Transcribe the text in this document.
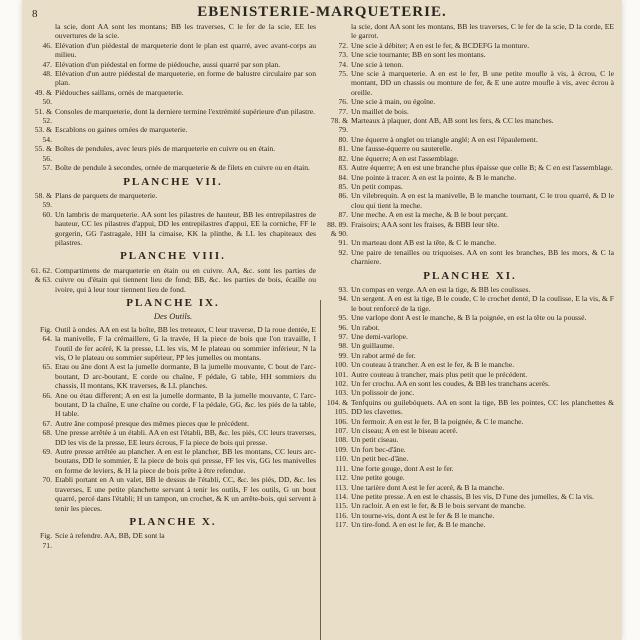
8	EBENISTERIE-MARQUETERIE.
la scie, dont AA sont les montans; BB les traverses, C le fer de la scie, EE les ouvertures de la scie.
46. Elévation d'un piédestal de marqueterie dont le plan est quarré, avec avant-corps au milieu.
47. Elévation d'un piédestal en forme de piédouche, aussi quarré par son plan.
48. Elévation d'un autre piédestal de marqueterie, en forme de balustre circulaire par son plan.
49. & 50.
Piédouches saillans, ornés de marqueterie.
51. & 52.
Consoles de marqueterie, dont la derniere termine l'extrémité supérieure d'un pilastre.
53. & 54.
Escablons ou gaines ornées de marqueterie.
55. & 56.
Boîtes de pendules, avec leurs piés de marqueterie en cuivre ou en étain.
57. Boîte de pendule à secondes, ornée de marqueterie & de filets en cuivre ou en étain.
PLANCHE VII.
58. & 59.
Plans de parquets de marqueterie.
60. Un lambris de marqueterie. AA sont les pilastres de hauteur, BB les entrepilastres de hauteur, CC les pilastres d'appui, DD les entrepilastres d'appui, EE la corniche, FF le gorgerin, GG l'astragale, HH la cimaise, KK la plinthe, & LL les chapiteaux des pilastres.
PLANCHE VIII.
61. 62. & 63.
Compartimens de marqueterie en étain ou en cuivre. AA, &c. sont les parties de cuivre ou d'étain qui tiennent lieu de fond; BB, &c. les parties de bois, écaille ou ivoire, qui à leur tour tiennent lieu de fond.
PLANCHE IX.
Des Outils.
Fig. 64.
Outil à ondes. AA en est la boîte, BB les treteaux, C leur traverse, D la roue dentée, E la manivelle, F la crémaillere, G la travée, H la piece de bois que l'on travaille, I l'outil de fer acéré, K la presse, LL les vis, M le plateau ou sommier inférieur, N la vis, O le plateau ou sommier supérieur, PP les jumelles ou montans.
65. Etau ou âne dont A est la jumelle dormante, B la jumelle mouvante, C bout de l'arc-boutant, D arc-boutant, E corde ou chaîne, F pédale, G table, HH sommiers du chassis, II montans, KK traverses, & LL planches.
66. Ane ou étau different; A en est la jumelle dormante, B la jumelle mouvante, C l'arc-boutant, D la chaîne, E une chaîne ou corde, F la pédale, GG, &c. les piés de la table, H table.
67. Autre âne composé presque des mêmes pieces que le précédent.
68. Une presse arrêtée à un établi. AA en est l'établi, BB, &c. les piés, CC leurs traverses, DD les vis de la presse, EE leurs écrous, F la piece de bois qui presse.
69. Autre presse arrêtée au plancher. A en est le plancher, BB les montans, CC leurs arc-boutans, DD le sommier, E la piece de bois qui presse, FF les vis, GG les manivelles en forme de leviers, & H la piece de bois prête à être refendue.
70. Etabli portant en A un valet, BB le dessus de l'établi, CC, &c. les piés, DD, &c. les traverses, E une petite planchette servant à tenir les outils, F les outils, G un bout quarré, percé dans l'établi; H un tampon, un crochet, & K un arrête-bois, qui servent à tenir les pieces.
PLANCHE X.
Fig. 71.
Scie à refendre. AA, BB, DE sont la
la scie, dont AA sont les montans, BB les traverses, C le fer de la scie, D la corde, EE le garrot.
72. Une scie à débiter; A en est le fer, & BCDEFG la monture.
73. Une scie tournante; BB en sont les montans.
74. Une scie à tenon.
75. Une scie à marqueterie. A en est le fer, B une petite moufle à vis, à écrou, C le montant, DD un chassis ou monture de fer, & E une autre moufle à vis, avec écrou à oreille.
76. Une scie à main, ou égoïne.
77. Un maillet de bois.
78. & 79.
Marteaux à plaquer, dont AB, AB sont les fers, & CC les manches.
80. Une équerre à onglet ou triangle anglé; A en est l'épaulement.
81. Une fausse-équerre ou sauterelle.
82. Une équerre; A en est l'assemblage.
83. Autre équerre; A en est une branche plus épaisse que celle B; & C en est l'assemblage.
84. Une pointe à tracer. A en est la pointe, & B le manche.
85. Un petit compas.
86. Un vilebrequin. A en est la manivelle, B le manche tournant, C le trou quarré, & D le clou qui tient la meche.
87. Une meche. A en est la meche, & B le bout perçant.
88. 89. & 90.
Fraisoirs; AAA sont les fraises, & BBB leur tête.
91. Un marteau dont AB est la tête, & C le manche.
92. Une paire de tenailles ou triquoises. AA en sont les branches, BB les mors, & C la charniere.
PLANCHE XI.
93. Un compas en verge. AA en est la tige, & BB les coulisses.
94. Un sergent. A en est la tige, B le coude, C le crochet denté, D la coulisse, E la vis, & F le bout renforcé de la tige.
95. Une varlope dont A est le manche, & B la poignée, en est la tête ou la poussé.
96. Un rabot.
97. Une demi-varlope.
98. Un guillaume.
99. Un rabot armé de fer.
100. Un couteau à trancher. A en est le fer, & B le manche.
101. Autre couteau à trancher, mais plus petit que le précédent.
102. Un fer crochu. AA en sont les coudes, & BB les tranchans acerés.
103. Un polissoir de jonc.
104. & 105.
Tenfquins ou guilebóquets. AA en sont la tige, BB les pointes, CC les planchettes & DD les clavettes.
106. Un fermoir. A en est le fer, B la poignée, & C le manche.
107. Un ciseau; A en est le biseau aceré.
108. Un petit ciseau.
109. Un fort bec-d'âne.
110. Un petit bec-d'âne.
111. Une forte gouge, dont A est le fer.
112. Une petite gouge.
113. Une tarière dont A est le fer aceré, & B la manche.
114. Une petite presse. A en est le chassis, B les vis, D l'une des jumelles, & C la vis.
115. Un racloir. A en est le fer, & B le bois servant de manche.
116. Un tourne-vis, dont A est le fer & B le manche.
117. Un tire-fond. A en est le fer, & B le manche.
